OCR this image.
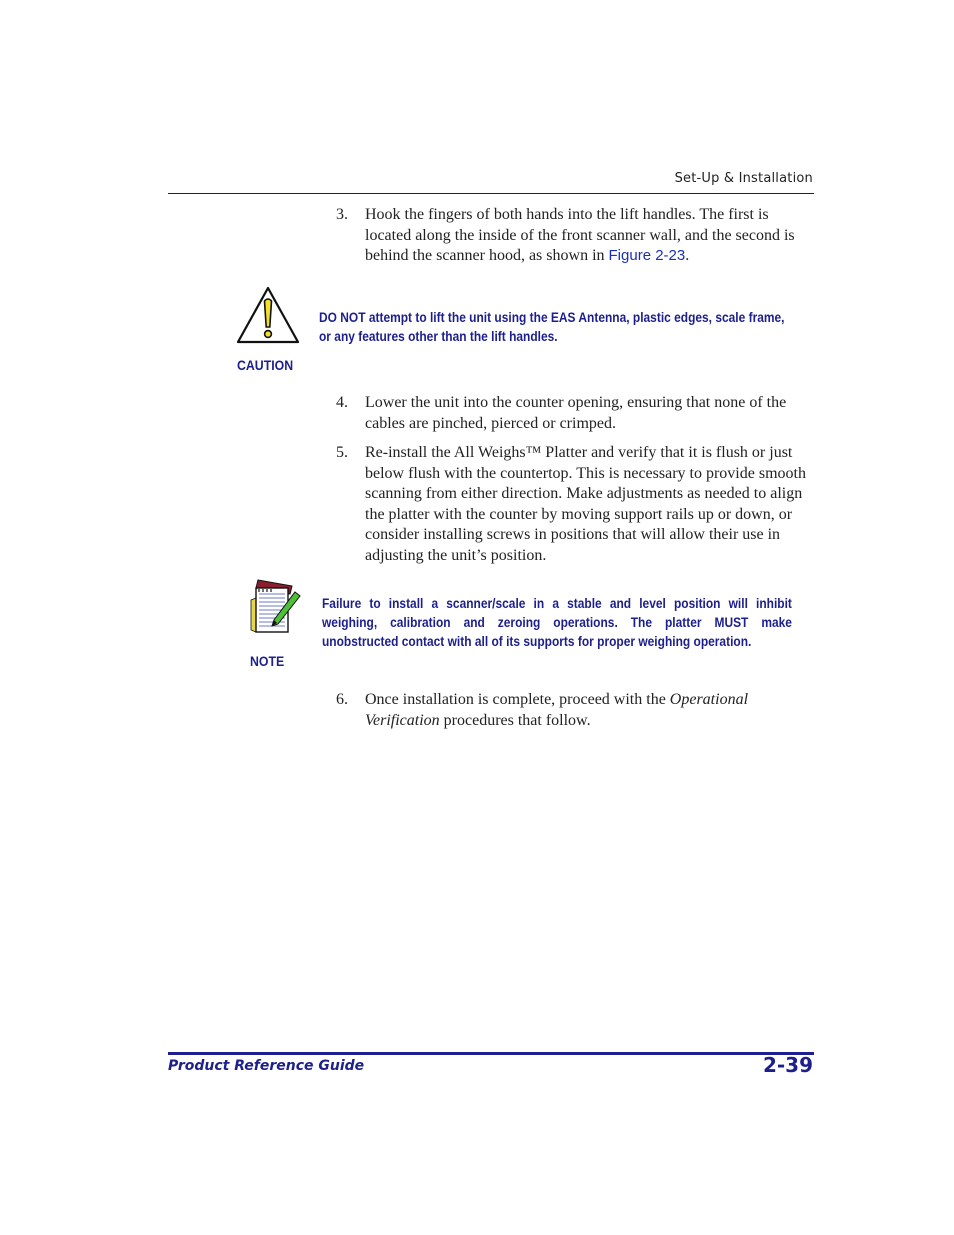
Set-Up & Installation
3.	Hook the fingers of both hands into the lift handles. The first is located along the inside of the front scanner wall, and the second is behind the scanner hood, as shown in Figure 2-23.
CAUTION
DO NOT attempt to lift the unit using the EAS Antenna, plastic edges, scale frame, or any features other than the lift handles.
4.	Lower the unit into the counter opening, ensuring that none of the cables are pinched, pierced or crimped.
5.	Re-install the All Weighs™ Platter and verify that it is flush or just below flush with the countertop. This is necessary to provide smooth scanning from either direction. Make adjustments as needed to align the platter with the counter by moving support rails up or down, or consider installing screws in positions that will allow their use in adjusting the unit’s position.
NOTE
Failure to install a scanner/scale in a stable and level position will inhibit weighing, calibration and zeroing operations. The platter MUST make unobstructed contact with all of its supports for proper weighing operation.
6.	Once installation is complete, proceed with the Operational Verification procedures that follow.
Product Reference Guide	2-39
